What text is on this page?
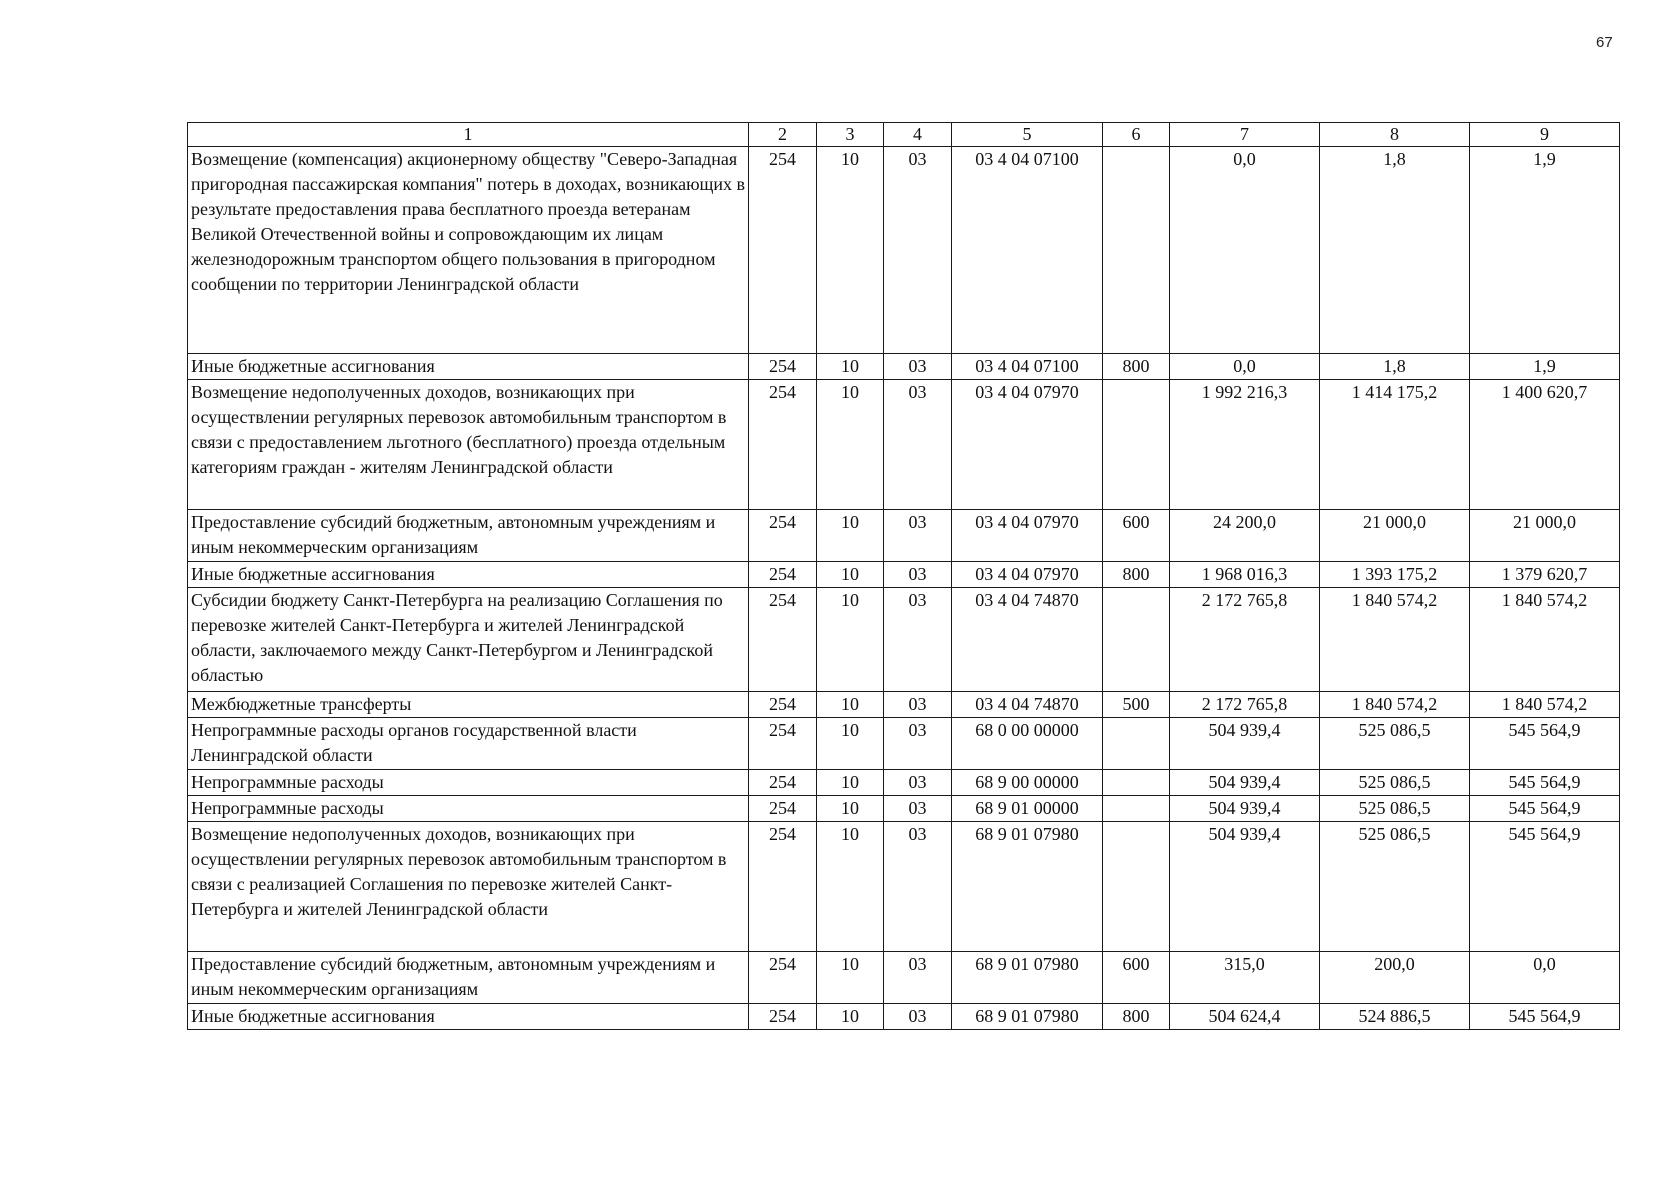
67
1	2	3	4	5	6	7	8	9
Возмещение (компенсация) акционерному обществу "Северо-Западная пригородная пассажирская компания" потерь в доходах, возникающих в результате предоставления права бесплатного проезда ветеранам Великой Отечественной войны и сопровождающим их лицам железнодорожным транспортом общего пользования в пригородном сообщении по территории Ленинградской области	254	10	03	03 4 04 07100		0,0	1,8	1,9
Иные бюджетные ассигнования	254	10	03	03 4 04 07100	800	0,0	1,8	1,9
Возмещение недополученных доходов, возникающих при осуществлении регулярных перевозок автомобильным транспортом в связи с предоставлением льготного (бесплатного) проезда отдельным категориям граждан - жителям Ленинградской области	254	10	03	03 4 04 07970		1 992 216,3	1 414 175,2	1 400 620,7
Предоставление субсидий бюджетным, автономным учреждениям и иным некоммерческим организациям	254	10	03	03 4 04 07970	600	24 200,0	21 000,0	21 000,0
Иные бюджетные ассигнования	254	10	03	03 4 04 07970	800	1 968 016,3	1 393 175,2	1 379 620,7
Субсидии бюджету Санкт-Петербурга на реализацию Соглашения по перевозке жителей Санкт-Петербурга и жителей Ленинградской области, заключаемого между Санкт-Петербургом и Ленинградской областью	254	10	03	03 4 04 74870		2 172 765,8	1 840 574,2	1 840 574,2
Межбюджетные трансферты	254	10	03	03 4 04 74870	500	2 172 765,8	1 840 574,2	1 840 574,2
Непрограммные расходы органов государственной власти Ленинградской области	254	10	03	68 0 00 00000		504 939,4	525 086,5	545 564,9
Непрограммные расходы	254	10	03	68 9 00 00000		504 939,4	525 086,5	545 564,9
Непрограммные расходы	254	10	03	68 9 01 00000		504 939,4	525 086,5	545 564,9
Возмещение недополученных доходов, возникающих при осуществлении регулярных перевозок автомобильным транспортом в связи с реализацией Соглашения по перевозке жителей Санкт-Петербурга и жителей Ленинградской области	254	10	03	68 9 01 07980		504 939,4	525 086,5	545 564,9
Предоставление субсидий бюджетным, автономным учреждениям и иным некоммерческим организациям	254	10	03	68 9 01 07980	600	315,0	200,0	0,0
Иные бюджетные ассигнования	254	10	03	68 9 01 07980	800	504 624,4	524 886,5	545 564,9
